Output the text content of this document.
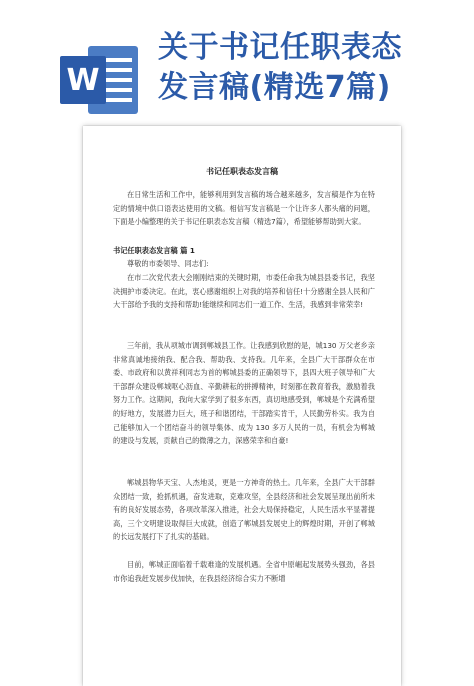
W
关于书记任职表态
发言稿(精选7篇)
书记任职表态发言稿
在日常生活和工作中，能够利用到发言稿的场合越来越多，发言稿是作为在特定的情境中供口语表达使用的文稿。相信写发言稿是一个让许多人都头痛的问题，下面是小编整理的关于书记任职表态发言稿（精选7篇），希望能够帮助到大家。
书记任职表态发言稿 篇 1
尊敬的市委领导、同志们:
在市二次党代表大会刚刚结束的关键时期，市委任命我为城县县委书记，我坚决拥护市委决定。在此，衷心感谢组织上对我的培养和信任!十分感谢全县人民和广大干部给予我的支持和帮助!能继续和同志们一道工作、生活，我感到非常荣幸!
三年前，我从项城市调到郸城县工作。让我感到欣慰的是，城130 万父老乡亲非常真诚地接纳我、配合我、帮助我、支持我。几年来，全县广大干部群众在市委、市政府和以黄祥利同志为首的郸城县委的正确领导下，县四大班子领导和广大干部群众建设郸城呕心沥血、辛勤耕耘的拼搏精神，时刻都在教育着我，激励着我努力工作。这期间，我向大家学到了很多东西，真切地感受到，郸城是个充满希望的好地方，发展潜力巨大，班子和谐团结，干部踏实肯干，人民勤劳朴实。我为自己能够加入一个团结奋斗的领导集体、成为 130 多万人民的一员，有机会为郸城的建设与发展，贡献自己的微薄之力，深感荣幸和自豪!
郸城县物华天宝、人杰地灵，更是一方神奇的热土。几年来，全县广大干部群众团结一致，抢抓机遇，奋发进取，克难攻坚，全县经济和社会发展呈现出前所未有的良好发展态势，各项改革深入推进，社会大局保持稳定，人民生活水平显著提高，三个文明建设取得巨大成就，创造了郸城县发展史上的辉煌时期，开创了郸城的长远发展打下了扎实的基础。
目前，郸城正面临着千载难逢的发展机遇。全省中原崛起发展势头强劲，各县市你追我赶发展步伐加快，在我县经济综合实力不断增
